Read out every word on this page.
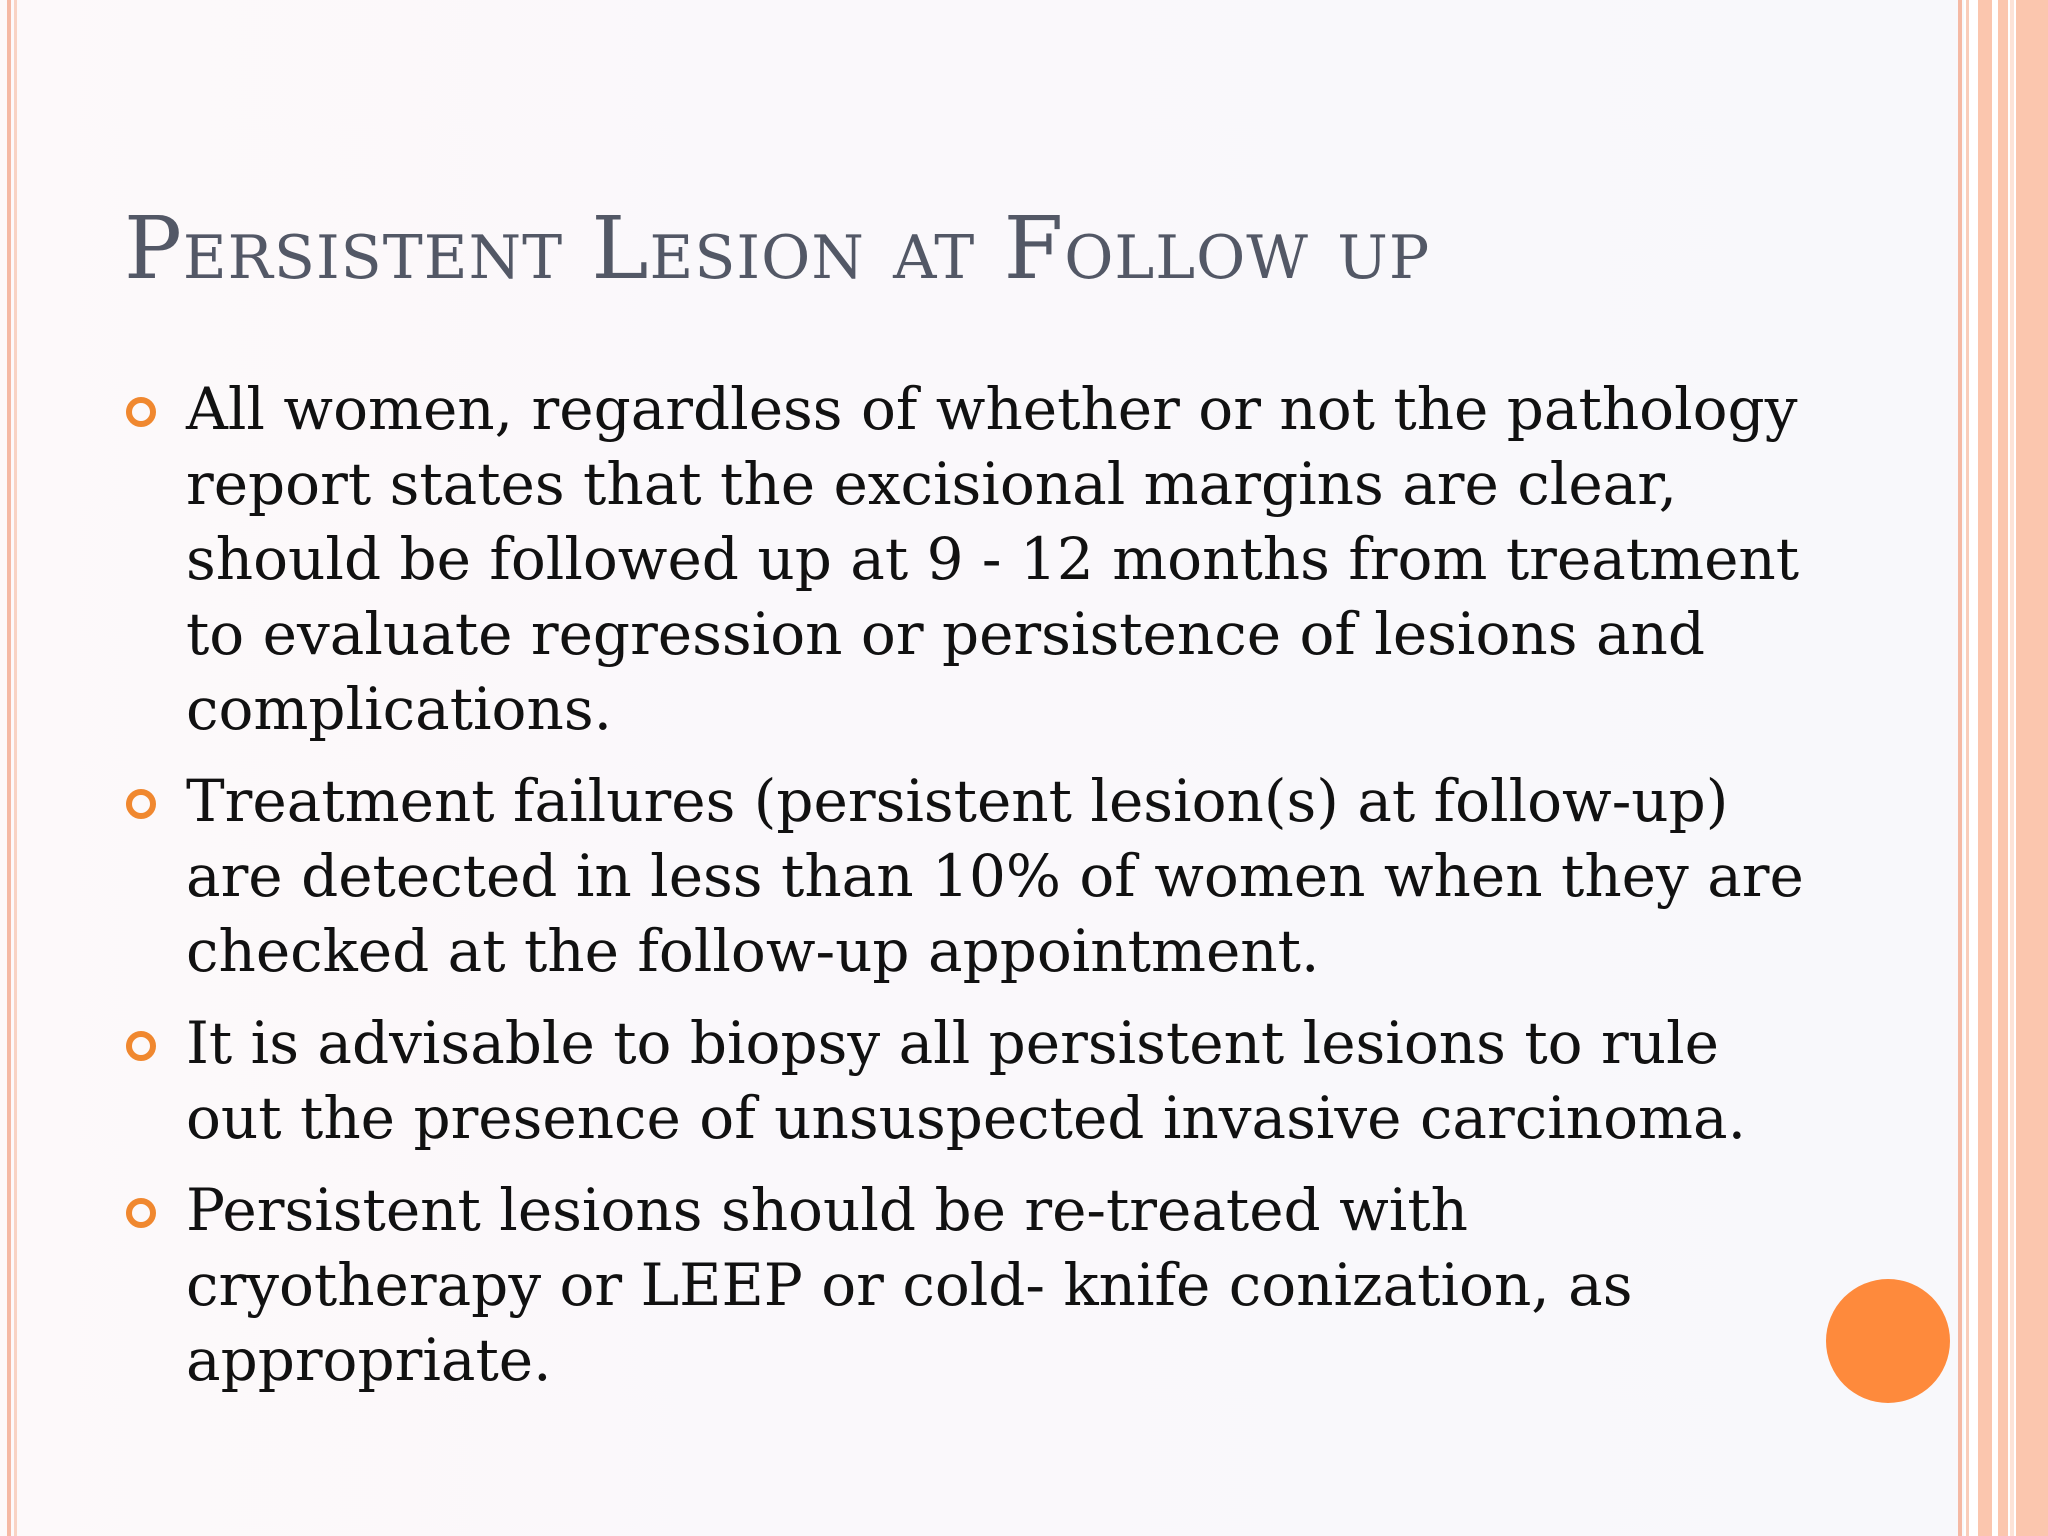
Persistent Lesion at Follow up
All women, regardless of whether or not the pathology report states that the excisional margins are clear, should be followed up at 9 - 12 months from treatment to evaluate regression or persistence of lesions and complications.
Treatment failures (persistent lesion(s) at follow-up) are detected in less than 10% of women when they are checked at the follow-up appointment.
It is advisable to biopsy all persistent lesions to rule out the presence of unsuspected invasive carcinoma.
Persistent lesions should be re-treated with cryotherapy or LEEP or cold- knife conization, as appropriate.
